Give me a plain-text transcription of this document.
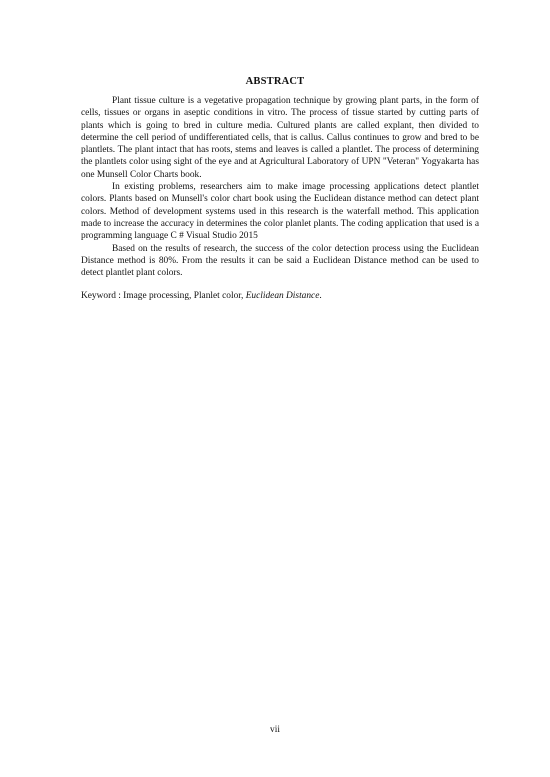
ABSTRACT

Plant tissue culture is a vegetative propagation technique by growing plant parts, in the form of cells, tissues or organs in aseptic conditions in vitro. The process of tissue started by cutting parts of plants which is going to bred in culture media. Cultured plants are called explant, then divided to determine the cell period of undifferentiated cells, that is callus. Callus continues to grow and bred to be plantlets. The plant intact that has roots, stems and leaves is called a plantlet. The process of determining the plantlets color using sight of the eye and at Agricultural Laboratory of UPN "Veteran" Yogyakarta has one Munsell Color Charts book.

In existing problems, researchers aim to make image processing applications detect plantlet colors. Plants based on Munsell's color chart book using the Euclidean distance method can detect plant colors. Method of development systems used in this research is the waterfall method. This application made to increase the accuracy in determines the color planlet plants. The coding application that used is a programming language C # Visual Studio 2015

Based on the results of research, the success of the color detection process using the Euclidean Distance method is 80%. From the results it can be said a Euclidean Distance method can be used to detect plantlet plant colors.

Keyword : Image processing, Planlet color, Euclidean Distance.

vii
